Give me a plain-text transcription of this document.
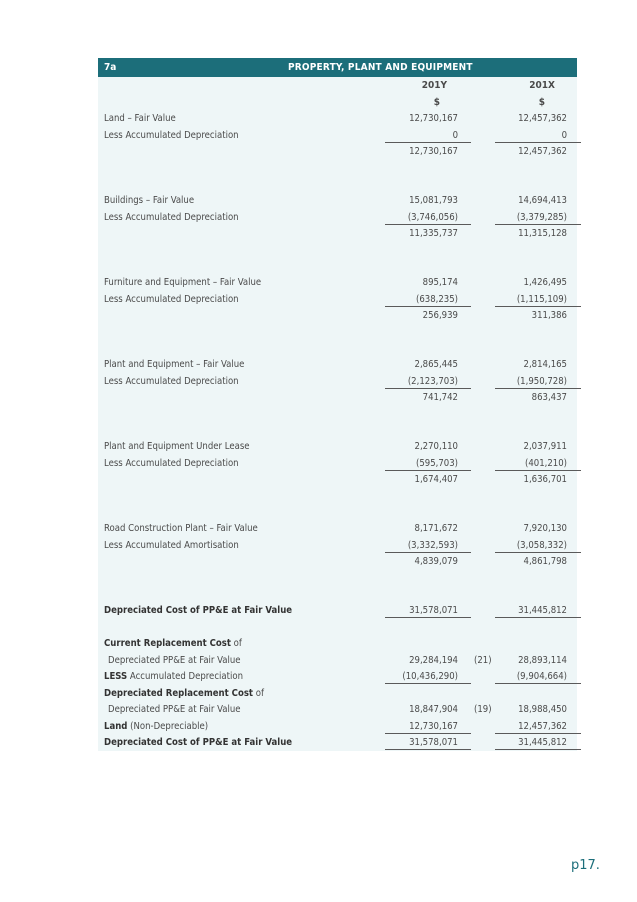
7a	PROPERTY, PLANT AND EQUIPMENT
201Y	201X
$	$
Land – Fair Value	12,730,167	12,457,362
Less Accumulated Depreciation	0	0
12,730,167	12,457,362
Buildings – Fair Value	15,081,793	14,694,413
Less Accumulated Depreciation	(3,746,056)	(3,379,285)
11,335,737	11,315,128
Furniture and Equipment – Fair Value	895,174	1,426,495
Less Accumulated Depreciation	(638,235)	(1,115,109)
256,939	311,386
Plant and Equipment – Fair Value	2,865,445	2,814,165
Less Accumulated Depreciation	(2,123,703)	(1,950,728)
741,742	863,437
Plant and Equipment Under Lease	2,270,110	2,037,911
Less Accumulated Depreciation	(595,703)	(401,210)
1,674,407	1,636,701
Road Construction Plant – Fair Value	8,171,672	7,920,130
Less Accumulated Amortisation	(3,332,593)	(3,058,332)
4,839,079	4,861,798
Depreciated Cost of PP&E at Fair Value	31,578,071	31,445,812
Current Replacement Cost of
Depreciated PP&E at Fair Value	29,284,194 (21)	28,893,114
LESS Accumulated Depreciation	(10,436,290)	(9,904,664)
Depreciated Replacement Cost of
Depreciated PP&E at Fair Value	18,847,904 (19)	18,988,450
Land (Non-Depreciable)	12,730,167	12,457,362
Depreciated Cost of PP&E at Fair Value	31,578,071	31,445,812
p17.
